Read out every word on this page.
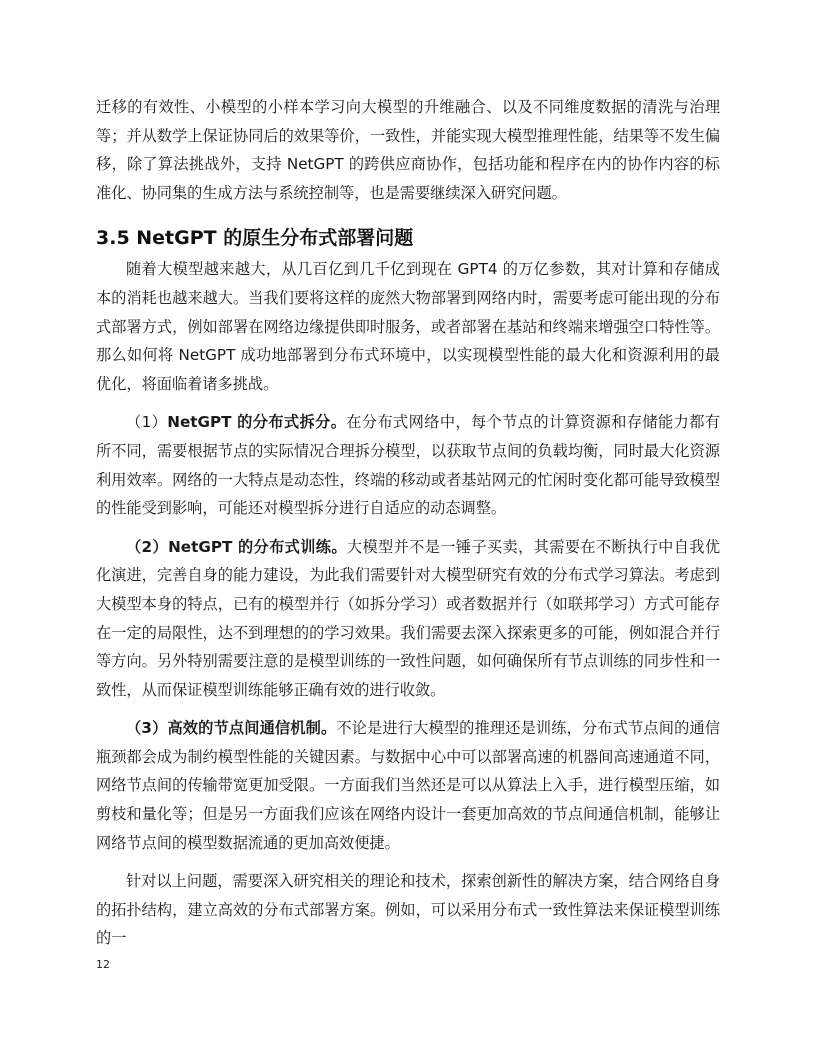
迁移的有效性、小模型的小样本学习向大模型的升维融合、以及不同维度数据的清洗与治理等；并从数学上保证协同后的效果等价，一致性，并能实现大模型推理性能，结果等不发生偏移，除了算法挑战外，支持 NetGPT 的跨供应商协作，包括功能和程序在内的协作内容的标准化、协同集的生成方法与系统控制等，也是需要继续深入研究问题。

3.5 NetGPT 的原生分布式部署问题

随着大模型越来越大，从几百亿到几千亿到现在 GPT4 的万亿参数，其对计算和存储成本的消耗也越来越大。当我们要将这样的庞然大物部署到网络内时，需要考虑可能出现的分布式部署方式，例如部署在网络边缘提供即时服务，或者部署在基站和终端来增强空口特性等。那么如何将 NetGPT 成功地部署到分布式环境中，以实现模型性能的最大化和资源利用的最优化，将面临着诸多挑战。

（1）NetGPT 的分布式拆分。在分布式网络中，每个节点的计算资源和存储能力都有所不同，需要根据节点的实际情况合理拆分模型，以获取节点间的负载均衡，同时最大化资源利用效率。网络的一大特点是动态性，终端的移动或者基站网元的忙闲时变化都可能导致模型的性能受到影响，可能还对模型拆分进行自适应的动态调整。

（2）NetGPT 的分布式训练。大模型并不是一锤子买卖，其需要在不断执行中自我优化演进，完善自身的能力建设，为此我们需要针对大模型研究有效的分布式学习算法。考虑到大模型本身的特点，已有的模型并行（如拆分学习）或者数据并行（如联邦学习）方式可能存在一定的局限性，达不到理想的的学习效果。我们需要去深入探索更多的可能，例如混合并行等方向。另外特别需要注意的是模型训练的一致性问题，如何确保所有节点训练的同步性和一致性，从而保证模型训练能够正确有效的进行收敛。

（3）高效的节点间通信机制。不论是进行大模型的推理还是训练，分布式节点间的通信瓶颈都会成为制约模型性能的关键因素。与数据中心中可以部署高速的机器间高速通道不同，网络节点间的传输带宽更加受限。一方面我们当然还是可以从算法上入手，进行模型压缩，如剪枝和量化等；但是另一方面我们应该在网络内设计一套更加高效的节点间通信机制，能够让网络节点间的模型数据流通的更加高效便捷。

针对以上问题，需要深入研究相关的理论和技术，探索创新性的解决方案，结合网络自身的拓扑结构，建立高效的分布式部署方案。例如，可以采用分布式一致性算法来保证模型训练的一

12
